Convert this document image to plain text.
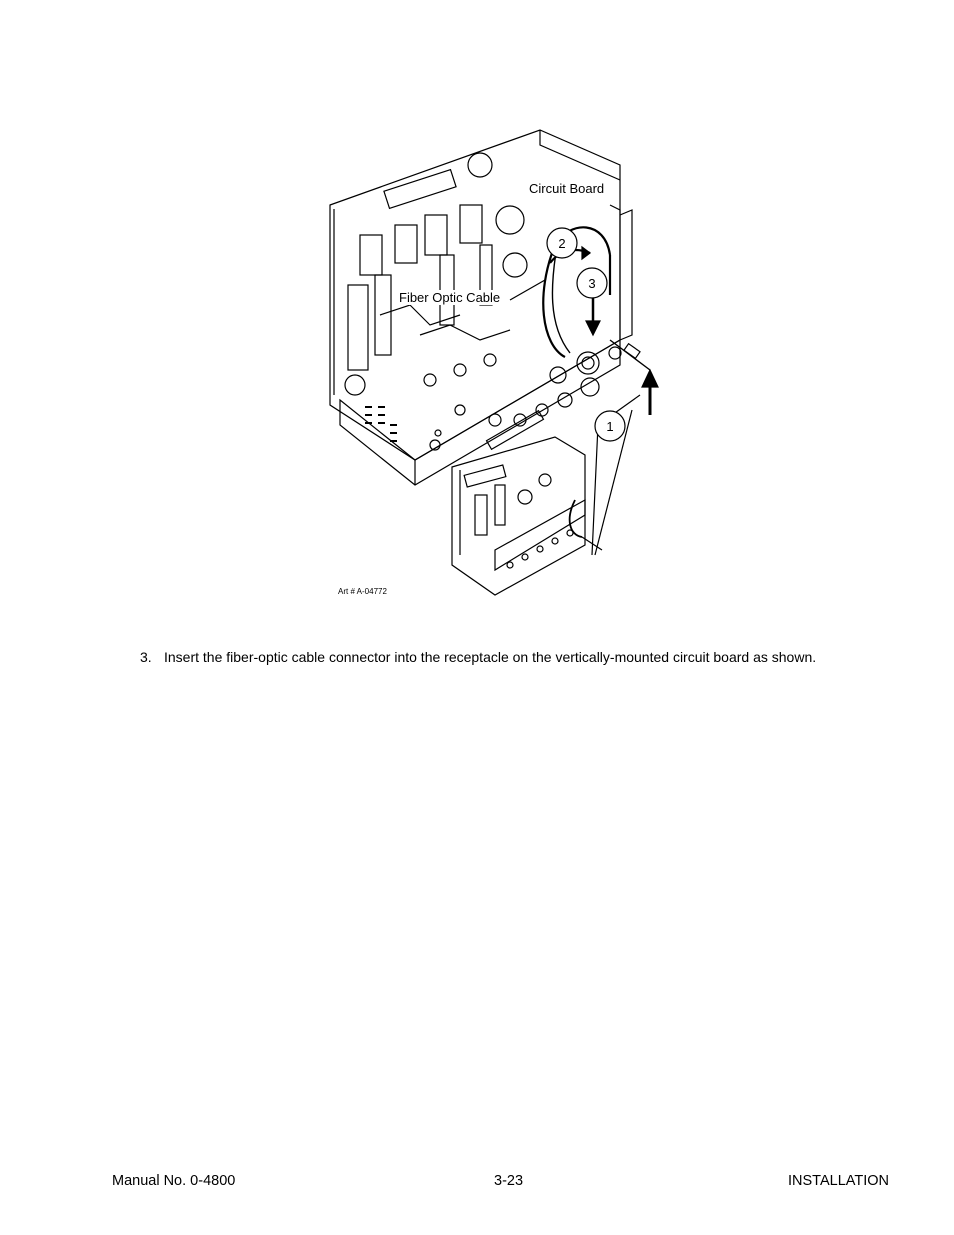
2
3
1
Circuit Board
Fiber Optic Cable
Art # A-04772
3. Insert the fiber-optic cable connector into the receptacle on the vertically-mounted circuit board as shown.
Manual No. 0-4800	3-23	INSTALLATION
